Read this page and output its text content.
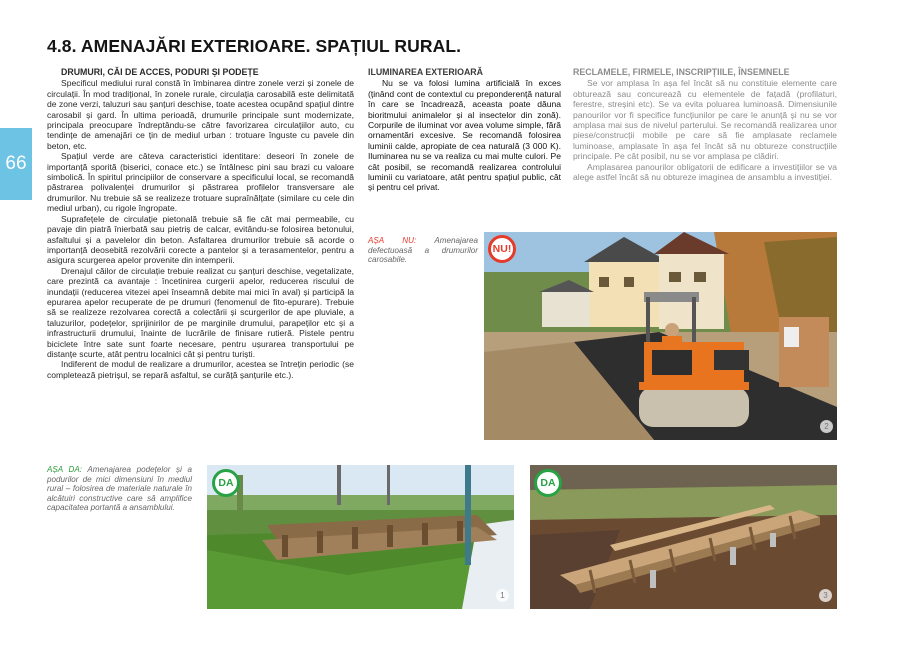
4.8. AMENAJĂRI EXTERIOARE. SPAȚIUL RURAL.
66
DRUMURI, CĂI DE ACCES, PODURI ȘI PODEȚE

Specificul mediului rural constă în îmbinarea dintre zonele verzi și zonele de circulații. În mod tradițional, în zonele rurale, circulația carosabilă este delimitată de zone verzi, taluzuri sau șanțuri deschise, toate acestea ocupând spațiul dintre carosabil și gard. În ultima perioadă, drumurile principale sunt modernizate, principala preocupare îndreptându-se către favorizarea circulațiilor auto, cu tendințe de amenajări ce țin de mediul urban : trotuare înguste cu pavele din beton, etc.

Spațiul verde are câteva caracteristici identitare: deseori în zonele de importanță sporită (biserici, conace etc.) se întâlnesc pini sau brazi cu valoare simbolică. În spiritul principiilor de conservare a specificului local, se recomandă păstrarea polivalenței drumurilor și păstrarea profilelor transversare ale drumurilor. Nu trebuie să se realizeze trotuare supraînălțate (similare cu cele din mediul urban), cu rigole îngropate.

Suprafețele de circulație pietonală trebuie să fie cât mai permeabile, cu pavaje din piatră înierbată sau pietriș de calcar, evitându-se folosirea betonului, asfaltului și a pavelelor din beton. Asfaltarea drumurilor trebuie să acorde o importanță deosebită rezolvării corecte a pantelor și a terasamentelor, pentru a asigura scurgerea apelor provenite din intemperii.

Drenajul căilor de circulație trebuie realizat cu șanțuri deschise, vegetalizate, care prezintă ca avantaje : încetinirea curgerii apelor, reducerea riscului de inundații (reducerea vitezei apei înseamnă debite mai mici în aval) și participă la epurarea apelor recuperate de pe drumuri (fenomenul de fito-epurare). Trebuie să se realizeze rezolvarea corectă a colectării și scurgerilor de ape pluviale, a taluzurilor, podețelor, sprijinirilor de pe marginile drumului, parapeților etc și a infrastructurii drumului, înainte de lucrările de finisare rutieră. Pistele pentru biciclete între sate sunt foarte necesare, pentru ușurarea transportului pe distanțe scurte, atât pentru localnici cât și pentru turiști.

Indiferent de modul de realizare a drumurilor, acestea se întrețin periodic (se completează pietrișul, se repară asfaltul, se curăță șanțurile etc.).

ILUMINAREA EXTERIOARĂ

Nu se va folosi lumina artificială în exces (ținând cont de contextul cu preponderență natural în care se încadrează, aceasta poate dăuna bioritmului animalelor și al insectelor din zonă). Corpurile de iluminat vor avea volume simple, fără ornamentări excesive. Se recomandă folosirea luminii calde, apropiate de cea naturală (3 000 K). Iluminarea nu se va realiza cu mai multe culori. Pe cât posibil, se recomandă realizarea controlului luminii cu variatoare, atât pentru spațiul public, cât și pentru cel privat.

RECLAMELE, FIRMELE, INSCRIPȚIILE, ÎNSEMNELE

Se vor amplasa în așa fel încât să nu constituie elemente care obturează sau concurează cu elementele de fațadă (profilaturi, ferestre, streșini etc). Se va evita poluarea luminoasă. Dimensiunile panourilor vor fi specifice funcțiunilor pe care le anunță și nu se vor amplasa mai sus de nivelul parterului. Se recomandă realizarea unor piese/construcții mobile pe care să fie amplasate reclamele luminoase, amplasate în așa fel încât să nu obtureze construcțiile principale. Pe cât posibil, nu se vor amplasa pe clădiri.

Amplasarea panourilor obligatorii de edificare a investițiilor se va alege astfel încât să nu obtureze imaginea de ansamblu a investiției.

AȘA NU: Amenajarea defectuoasă a drumurilor carosabile.
AȘA DA: Amenajarea podețelor și a podurilor de mici dimensiuni în mediul rural – folosirea de materiale naturale în alcătuiri constructive care să amplifice capacitatea portantă a ansamblului.
NU!
2
DA
1
DA
3
